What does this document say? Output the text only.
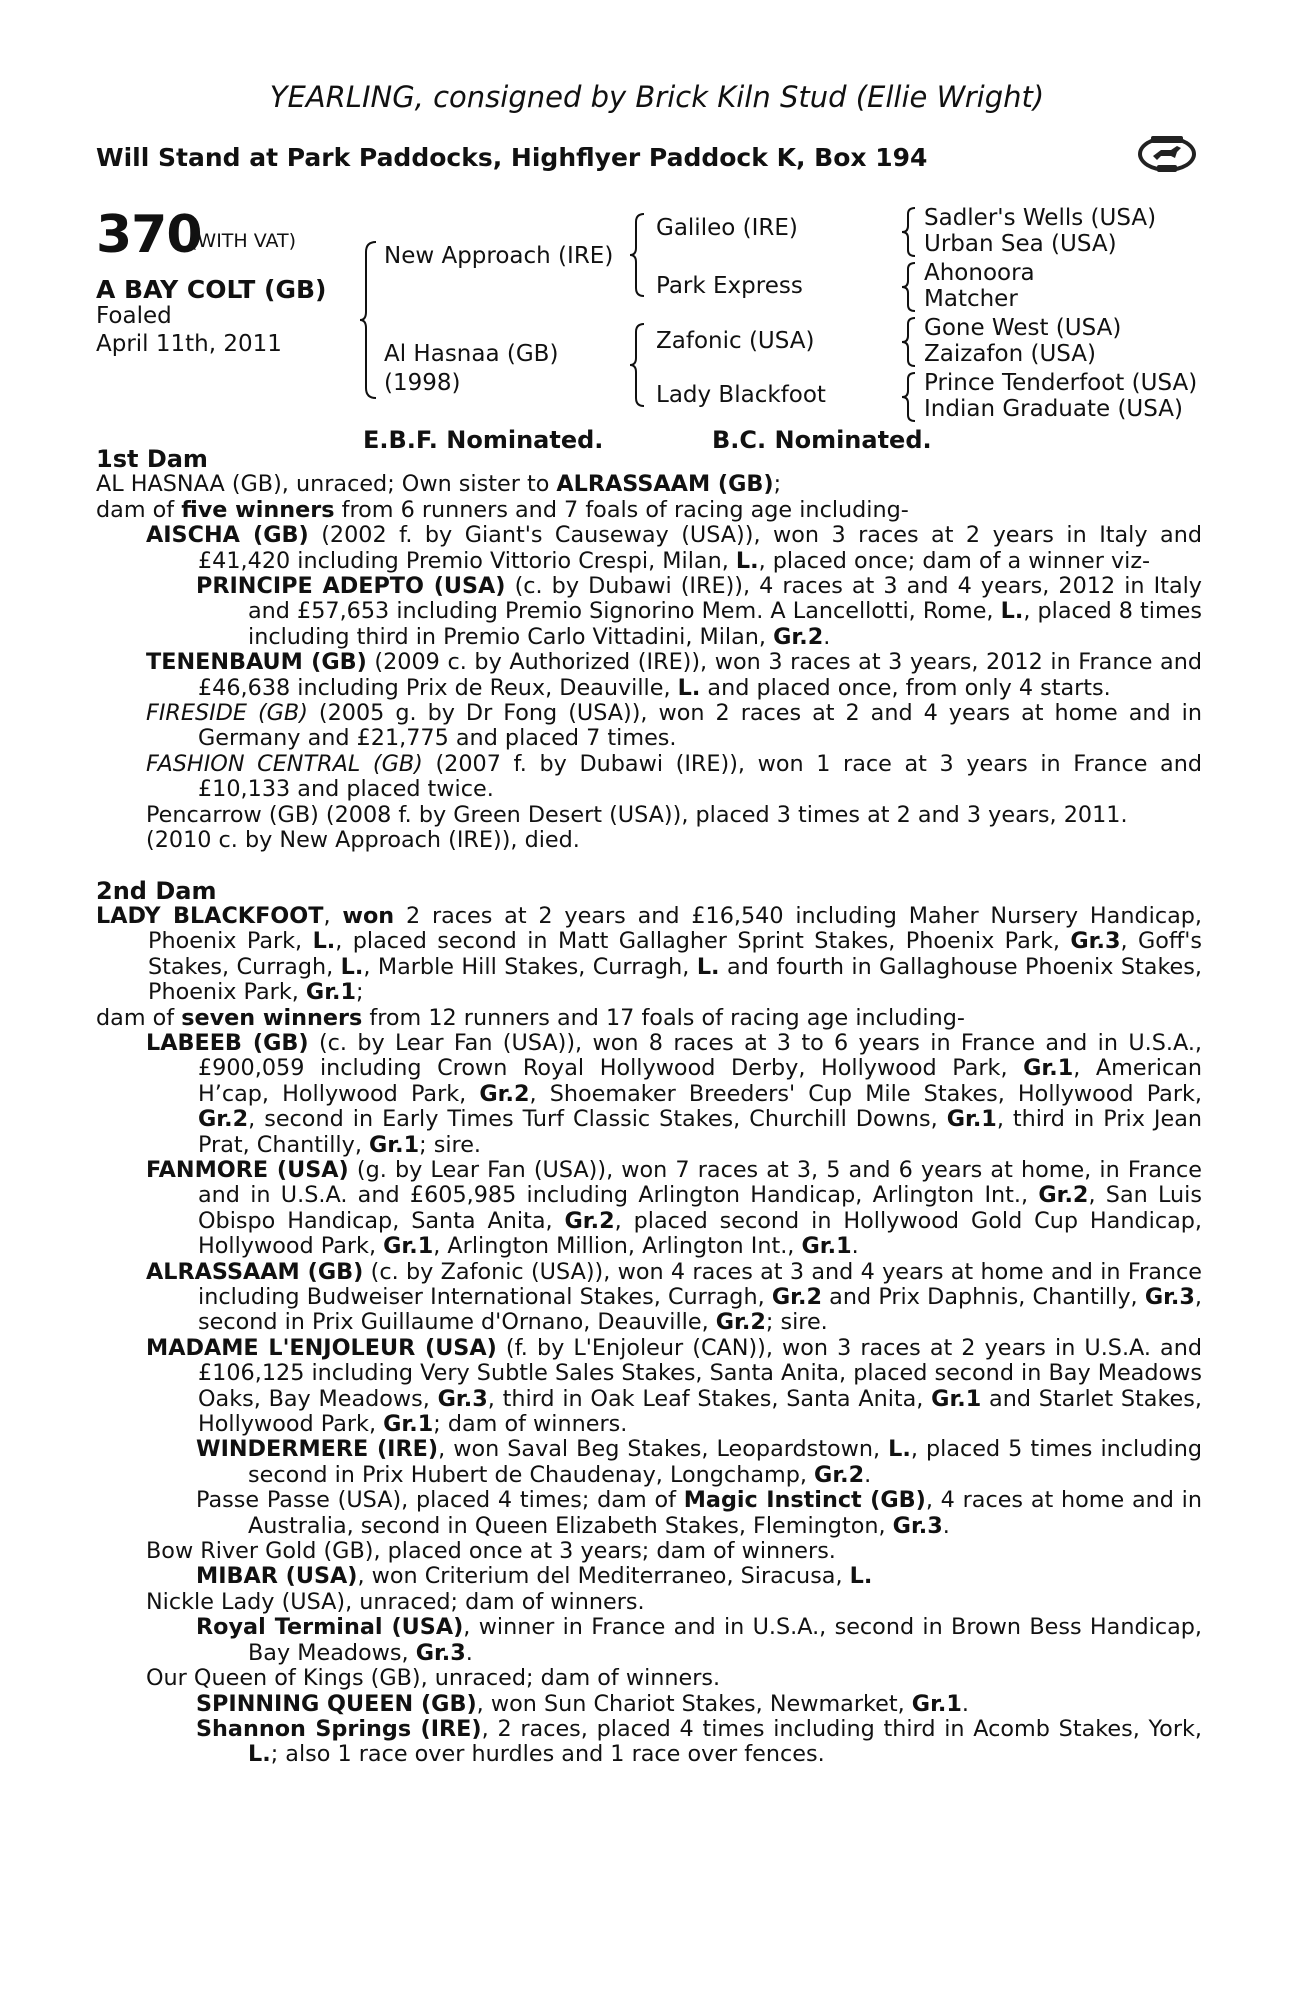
YEARLING, consigned by Brick Kiln Stud (Ellie Wright)
Will Stand at Park Paddocks, Highflyer Paddock K, Box 194
370
(WITH VAT)
A BAY COLT (GB)
Foaled
April 11th, 2011
New Approach (IRE)
Al Hasnaa (GB)
(1998)
Galileo (IRE)
Park Express
Zafonic (USA)
Lady Blackfoot
Sadler's Wells (USA)
Urban Sea (USA)
Ahonoora
Matcher
Gone West (USA)
Zaizafon (USA)
Prince Tenderfoot (USA)
Indian Graduate (USA)
E.B.F. Nominated.	B.C. Nominated.

1st Dam

AL HASNAA (GB), unraced; Own sister to ALRASSAAM (GB);

dam of five winners from 6 runners and 7 foals of racing age including-

AISCHA (GB) (2002 f. by Giant's Causeway (USA)), won 3 races at 2 years in Italy and £41,420 including Premio Vittorio Crespi, Milan, L., placed once; dam of a winner viz-

PRINCIPE ADEPTO (USA) (c. by Dubawi (IRE)), 4 races at 3 and 4 years, 2012 in Italy and £57,653 including Premio Signorino Mem. A Lancellotti, Rome, L., placed 8 times including third in Premio Carlo Vittadini, Milan, Gr.2.

TENENBAUM (GB) (2009 c. by Authorized (IRE)), won 3 races at 3 years, 2012 in France and £46,638 including Prix de Reux, Deauville, L. and placed once, from only 4 starts.

FIRESIDE (GB) (2005 g. by Dr Fong (USA)), won 2 races at 2 and 4 years at home and in Germany and £21,775 and placed 7 times.

FASHION CENTRAL (GB) (2007 f. by Dubawi (IRE)), won 1 race at 3 years in France and £10,133 and placed twice.

Pencarrow (GB) (2008 f. by Green Desert (USA)), placed 3 times at 2 and 3 years, 2011.

(2010 c. by New Approach (IRE)), died.

2nd Dam

LADY BLACKFOOT, won 2 races at 2 years and £16,540 including Maher Nursery Handicap, Phoenix Park, L., placed second in Matt Gallagher Sprint Stakes, Phoenix Park, Gr.3, Goff's Stakes, Curragh, L., Marble Hill Stakes, Curragh, L. and fourth in Gallaghouse Phoenix Stakes, Phoenix Park, Gr.1;

dam of seven winners from 12 runners and 17 foals of racing age including-

LABEEB (GB) (c. by Lear Fan (USA)), won 8 races at 3 to 6 years in France and in U.S.A., £900,059 including Crown Royal Hollywood Derby, Hollywood Park, Gr.1, American H’cap, Hollywood Park, Gr.2, Shoemaker Breeders' Cup Mile Stakes, Hollywood Park, Gr.2, second in Early Times Turf Classic Stakes, Churchill Downs, Gr.1, third in Prix Jean Prat, Chantilly, Gr.1; sire.

FANMORE (USA) (g. by Lear Fan (USA)), won 7 races at 3, 5 and 6 years at home, in France and in U.S.A. and £605,985 including Arlington Handicap, Arlington Int., Gr.2, San Luis Obispo Handicap, Santa Anita, Gr.2, placed second in Hollywood Gold Cup Handicap, Hollywood Park, Gr.1, Arlington Million, Arlington Int., Gr.1.

ALRASSAAM (GB) (c. by Zafonic (USA)), won 4 races at 3 and 4 years at home and in France including Budweiser International Stakes, Curragh, Gr.2 and Prix Daphnis, Chantilly, Gr.3, second in Prix Guillaume d'Ornano, Deauville, Gr.2; sire.

MADAME L'ENJOLEUR (USA) (f. by L'Enjoleur (CAN)), won 3 races at 2 years in U.S.A. and £106,125 including Very Subtle Sales Stakes, Santa Anita, placed second in Bay Meadows Oaks, Bay Meadows, Gr.3, third in Oak Leaf Stakes, Santa Anita, Gr.1 and Starlet Stakes, Hollywood Park, Gr.1; dam of winners.

WINDERMERE (IRE), won Saval Beg Stakes, Leopardstown, L., placed 5 times including second in Prix Hubert de Chaudenay, Longchamp, Gr.2.

Passe Passe (USA), placed 4 times; dam of Magic Instinct (GB), 4 races at home and in Australia, second in Queen Elizabeth Stakes, Flemington, Gr.3.

Bow River Gold (GB), placed once at 3 years; dam of winners.

MIBAR (USA), won Criterium del Mediterraneo, Siracusa, L.

Nickle Lady (USA), unraced; dam of winners.

Royal Terminal (USA), winner in France and in U.S.A., second in Brown Bess Handicap, Bay Meadows, Gr.3.

Our Queen of Kings (GB), unraced; dam of winners.

SPINNING QUEEN (GB), won Sun Chariot Stakes, Newmarket, Gr.1.

Shannon Springs (IRE), 2 races, placed 4 times including third in Acomb Stakes, York, L.; also 1 race over hurdles and 1 race over fences.
